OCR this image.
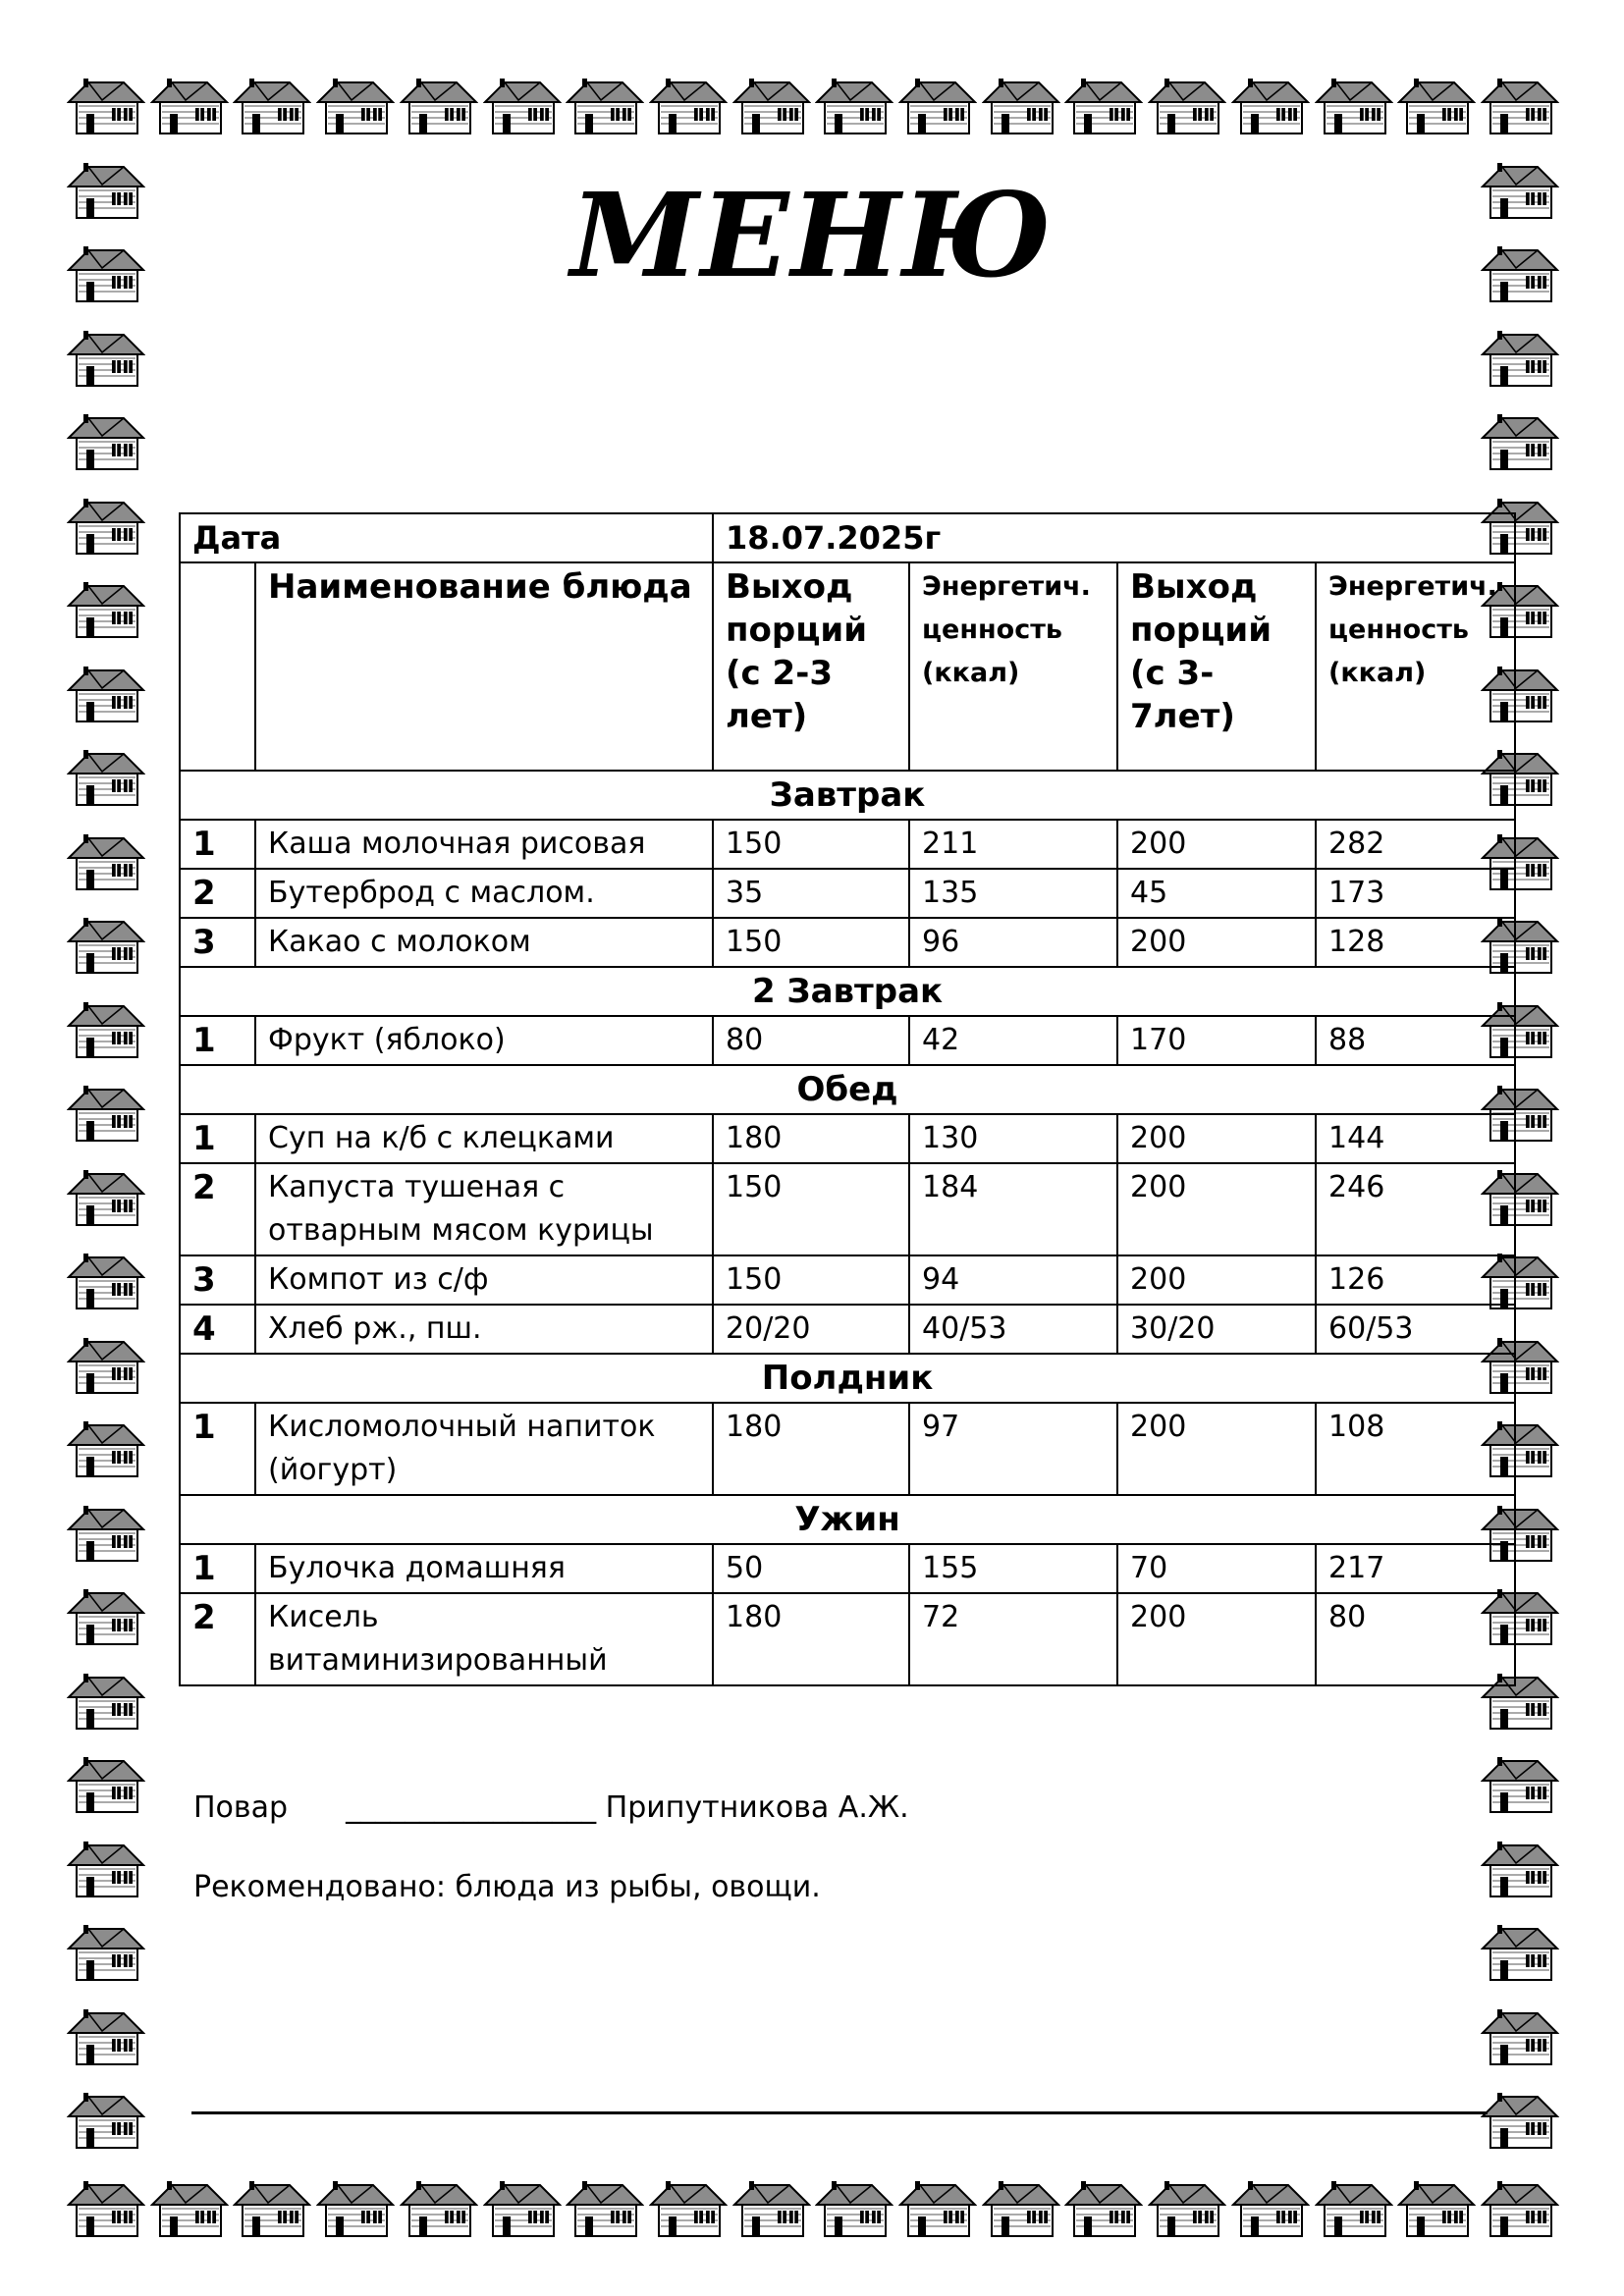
МЕНЮ
Дата		18.07.2025г			
	Наименование блюда	Выход порций (с 2-3 лет)	Энергетич. ценность (ккал)	Выход порций (с 3-7лет)	Энергетич. ценность (ккал)
Завтрак					
1	Каша молочная рисовая	150	211	200	282
2	Бутерброд с маслом.	35	135	45	173
3	Какао с молоком	150	96	200	128
2 Завтрак					
1	Фрукт (яблоко)	80	42	170	88
Обед					
1	Суп на к/б с клецками	180	130	200	144
2	Капуста тушеная с отварным мясом курицы	150	184	200	246
3	Компот из с/ф	150	94	200	126
4	Хлеб рж., пш.	20/20	40/53	30/20	60/53
Полдник					
1	Кисломолочный напиток (йогурт)	180	97	200	108
Ужин					
1	Булочка домашняя	50	155	70	217
2	Кисель витаминизированный	180	72	200	80
Повар _________________ Припутникова А.Ж.
Рекомендовано: блюда из рыбы, овощи.
